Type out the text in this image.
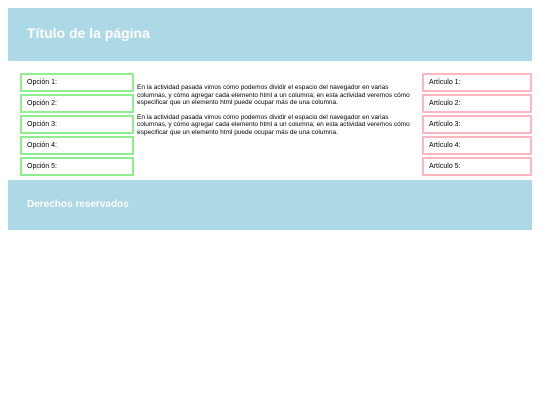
Título de la página
Opción 1:
Opción 2:
Opción 3:
Opción 4:
Opción 5:

En la actividad pasada vimos cómo podemos dividir el espacio del navegador en varias columnas, y cómo agregar cada elemento html a un columna; en esta actividad veremos cómo especificar que un elemento html puede ocupar más de una columna.

En la actividad pasada vimos cómo podemos dividir el espacio del navegador en varias columnas, y cómo agregar cada elemento html a un columna; en esta actividad veremos cómo especificar que un elemento html puede ocupar más de una columna.

Artículo 1:
Artículo 2:
Artículo 3:
Artículo 4:
Artículo 5:
Derechos reservados
